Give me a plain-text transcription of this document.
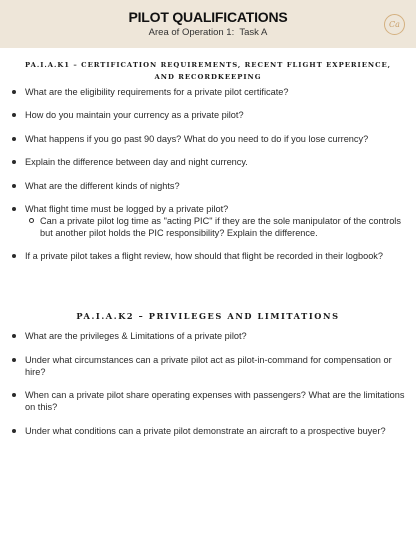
PILOT QUALIFICATIONS
Area of Operation 1:  Task A
Ca
PA.I.A.K1 – CERTIFICATION REQUIREMENTS, RECENT FLIGHT EXPERIENCE, AND RECORDKEEPING
What are the eligibility requirements for a private pilot certificate?
How do you maintain your currency as a private pilot?
What happens if you go past 90 days? What do you need to do if you lose currency?
Explain the difference between day and night currency.
What are the different kinds of nights?
What flight time must be logged by a private pilot?
Can a private pilot log time as "acting PIC" if they are the sole manipulator of the controls but another pilot holds the PIC responsibility? Explain the difference.
If a private pilot takes a flight review, how should that flight be recorded in their logbook?
PA.I.A.K2 – PRIVILEGES AND LIMITATIONS
What are the privileges & Limitations of a private pilot?
Under what circumstances can a private pilot act as pilot-in-command for compensation or hire?
When can a private pilot share operating expenses with passengers? What are the limitations on this?
Under what conditions can a private pilot demonstrate an aircraft to a prospective buyer?
